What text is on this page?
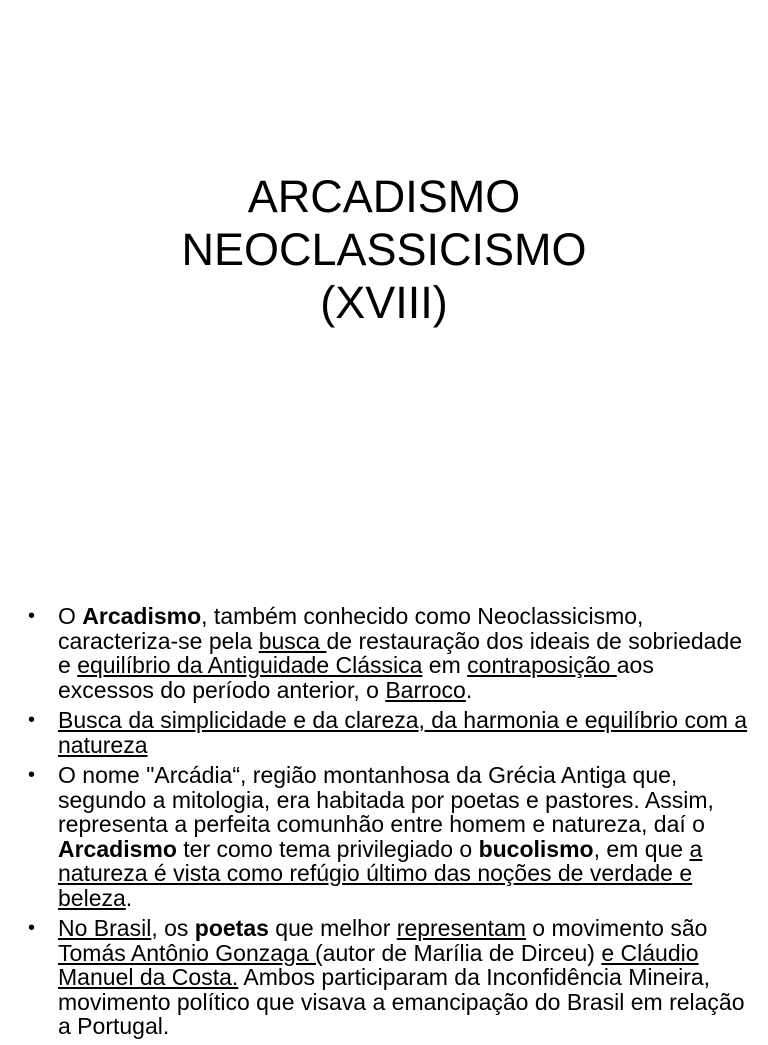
ARCADISMO
NEOCLASSICISMO
(XVIII)
• O Arcadismo, também conhecido como Neoclassicismo, caracteriza-se pela busca de restauração dos ideais de sobriedade e equilíbrio da Antiguidade Clássica em contraposição aos excessos do período anterior, o Barroco.
• Busca da simplicidade e da clareza, da harmonia e equilíbrio com a natureza
• O nome "Arcádia“, região montanhosa da Grécia Antiga que, segundo a mitologia, era habitada por poetas e pastores. Assim, representa a perfeita comunhão entre homem e natureza, daí o Arcadismo ter como tema privilegiado o bucolismo, em que a natureza é vista como refúgio último das noções de verdade e beleza.
• No Brasil, os poetas que melhor representam o movimento são Tomás Antônio Gonzaga (autor de Marília de Dirceu) e Cláudio Manuel da Costa. Ambos participaram da Inconfidência Mineira, movimento político que visava a emancipação do Brasil em relação a Portugal.
